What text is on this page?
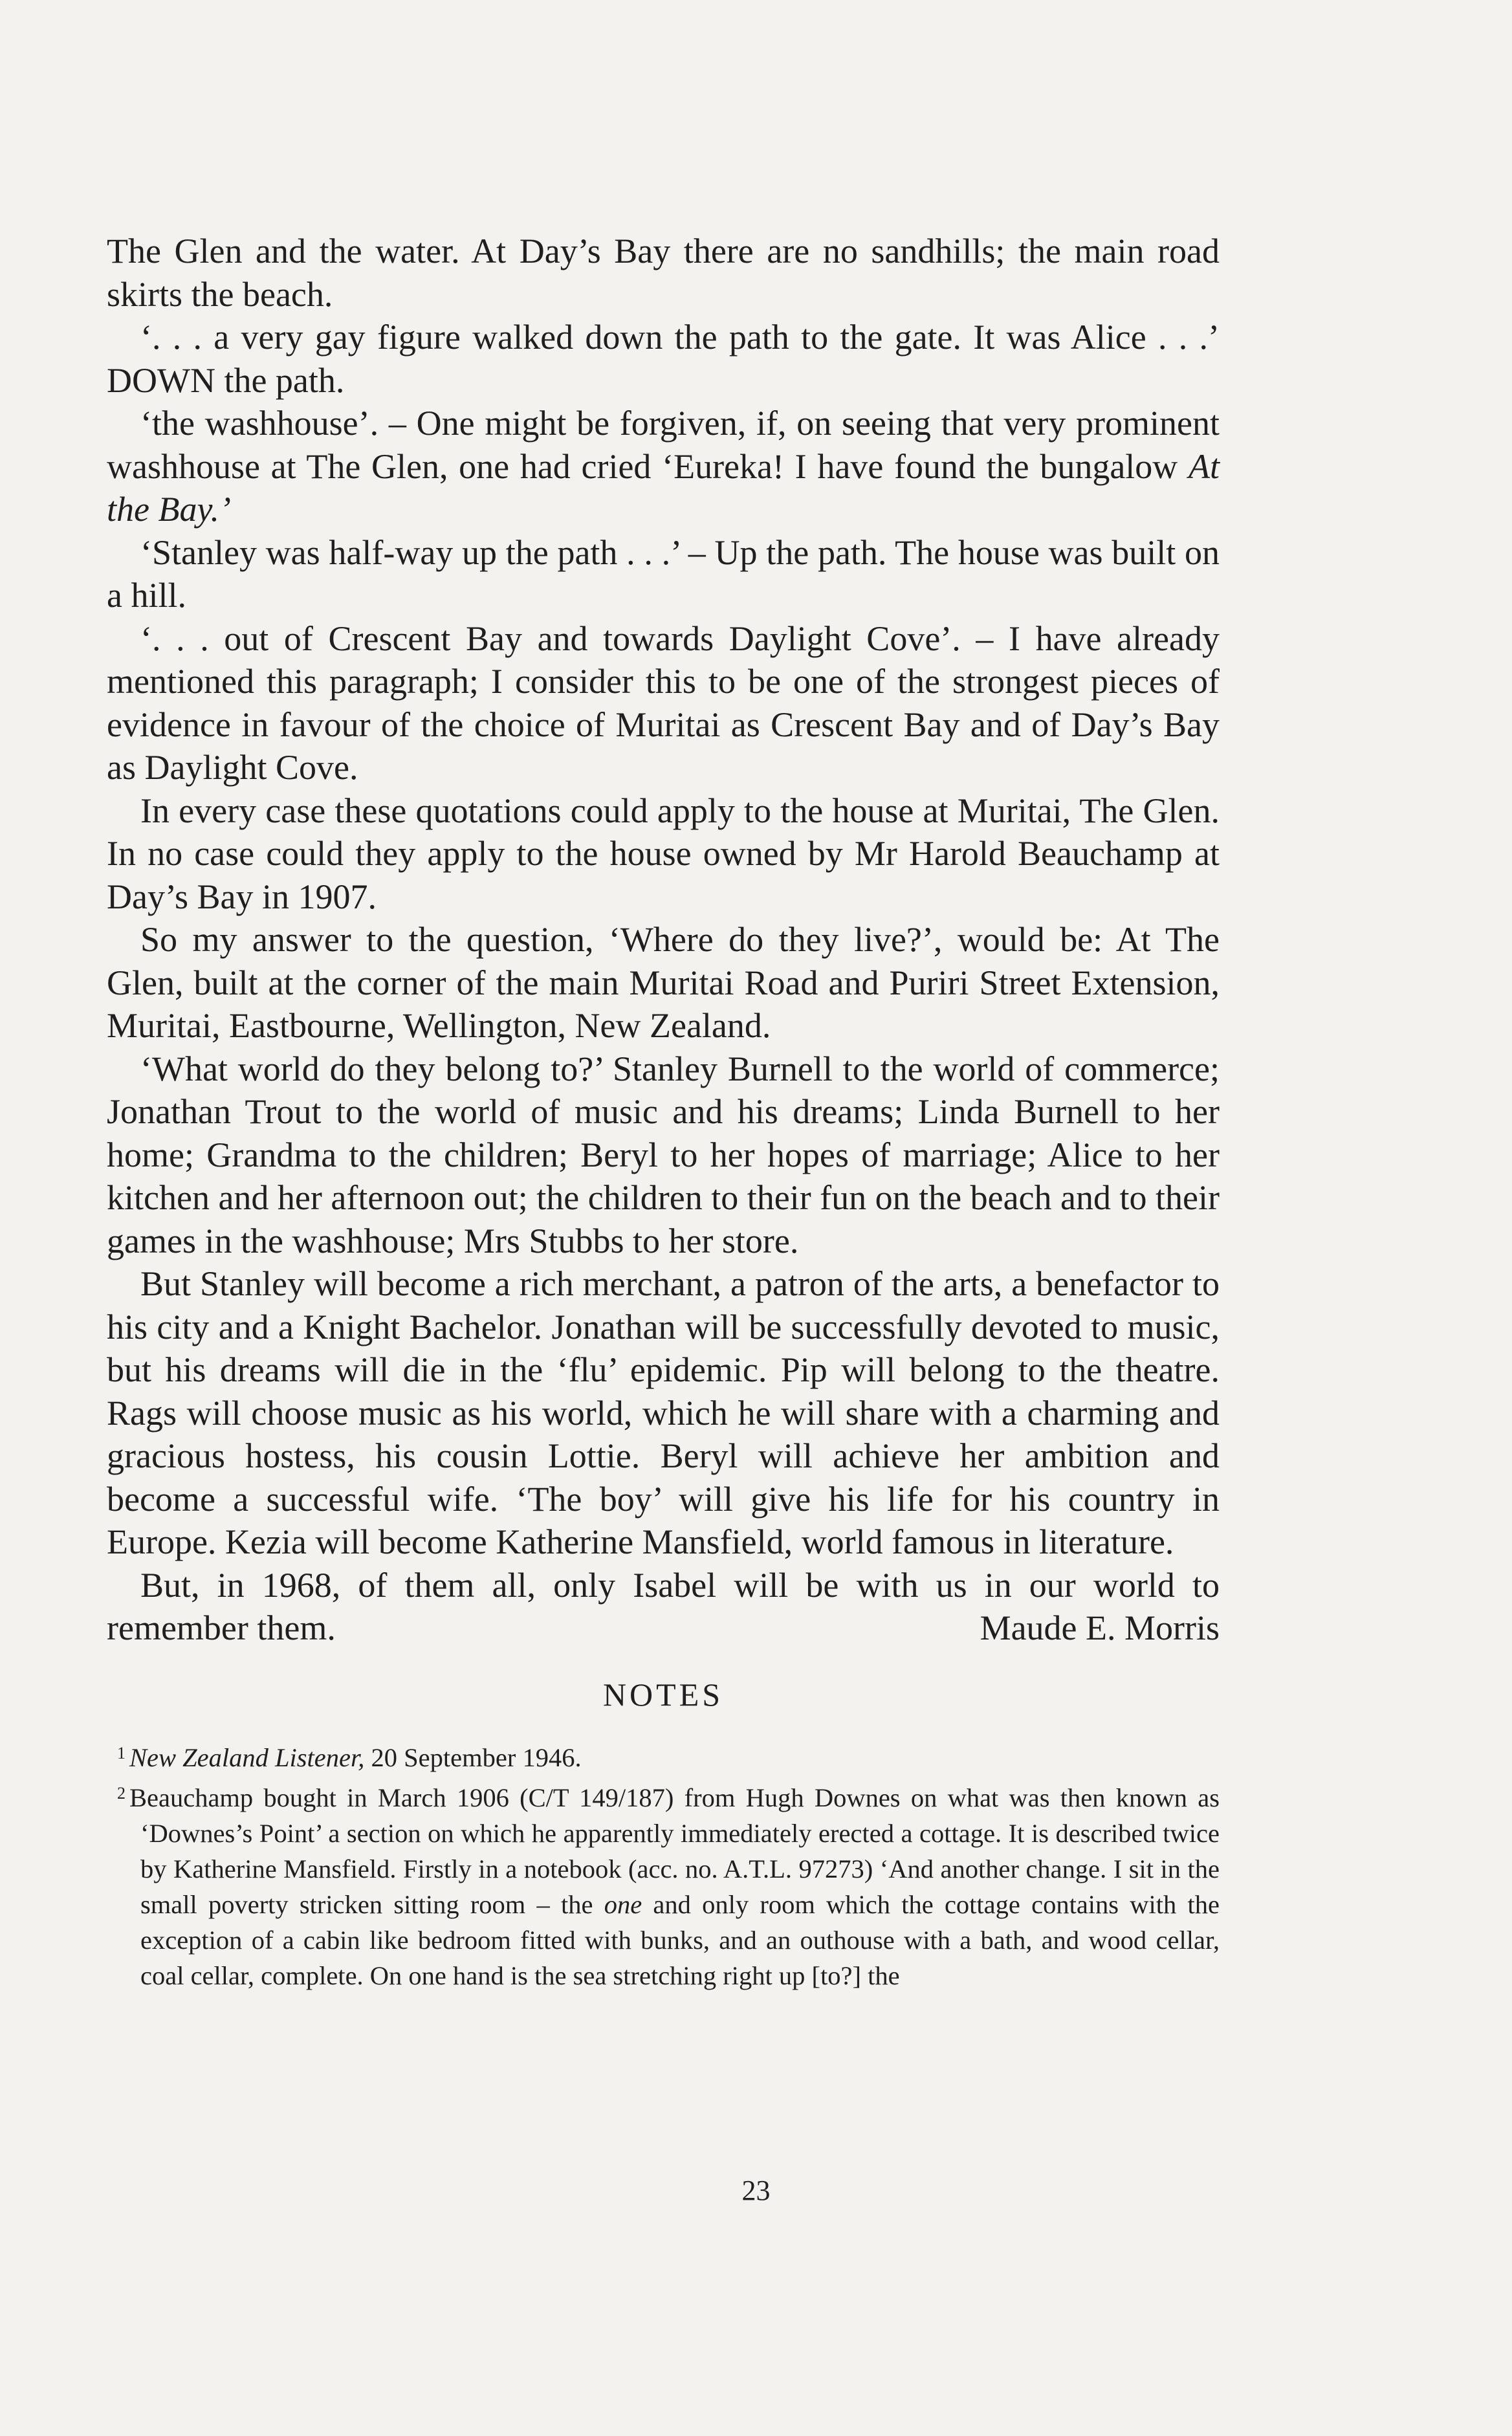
The Glen and the water. At Day’s Bay there are no sandhills; the main road skirts the beach.

‘. . . a very gay figure walked down the path to the gate. It was Alice . . .’ DOWN the path.

‘the washhouse’. – One might be forgiven, if, on seeing that very prominent washhouse at The Glen, one had cried ‘Eureka! I have found the bungalow At the Bay.’

‘Stanley was half-way up the path . . .’ – Up the path. The house was built on a hill.

‘. . . out of Crescent Bay and towards Daylight Cove’. – I have already mentioned this paragraph; I consider this to be one of the strongest pieces of evidence in favour of the choice of Muritai as Crescent Bay and of Day’s Bay as Daylight Cove.

In every case these quotations could apply to the house at Muritai, The Glen. In no case could they apply to the house owned by Mr Harold Beauchamp at Day’s Bay in 1907.

So my answer to the question, ‘Where do they live?’, would be: At The Glen, built at the corner of the main Muritai Road and Puriri Street Extension, Muritai, Eastbourne, Wellington, New Zealand.

‘What world do they belong to?’ Stanley Burnell to the world of commerce; Jonathan Trout to the world of music and his dreams; Linda Burnell to her home; Grandma to the children; Beryl to her hopes of marriage; Alice to her kitchen and her afternoon out; the children to their fun on the beach and to their games in the washhouse; Mrs Stubbs to her store.

But Stanley will become a rich merchant, a patron of the arts, a benefactor to his city and a Knight Bachelor. Jonathan will be successfully devoted to music, but his dreams will die in the ‘flu’ epidemic. Pip will belong to the theatre. Rags will choose music as his world, which he will share with a charming and gracious hostess, his cousin Lottie. Beryl will achieve her ambition and become a successful wife. ‘The boy’ will give his life for his country in Europe. Kezia will become Katherine Mansfield, world famous in literature.

But, in 1968, of them all, only Isabel will be with us in our world to

remember them.	Maude E. Morris

NOTES

$^1$ New Zealand Listener, 20 September 1946.

$^2$ Beauchamp bought in March 1906 (C/T 149/187) from Hugh Downes on what was then known as ‘Downes’s Point’ a section on which he apparently immediately erected a cottage. It is described twice by Katherine Mansfield. Firstly in a notebook (acc. no. A.T.L. 97273) ‘And another change. I sit in the small poverty stricken sitting room – the one and only room which the cottage contains with the exception of a cabin like bedroom fitted with bunks, and an outhouse with a bath, and wood cellar, coal cellar, complete. On one hand is the sea stretching right up [to?] the

23
